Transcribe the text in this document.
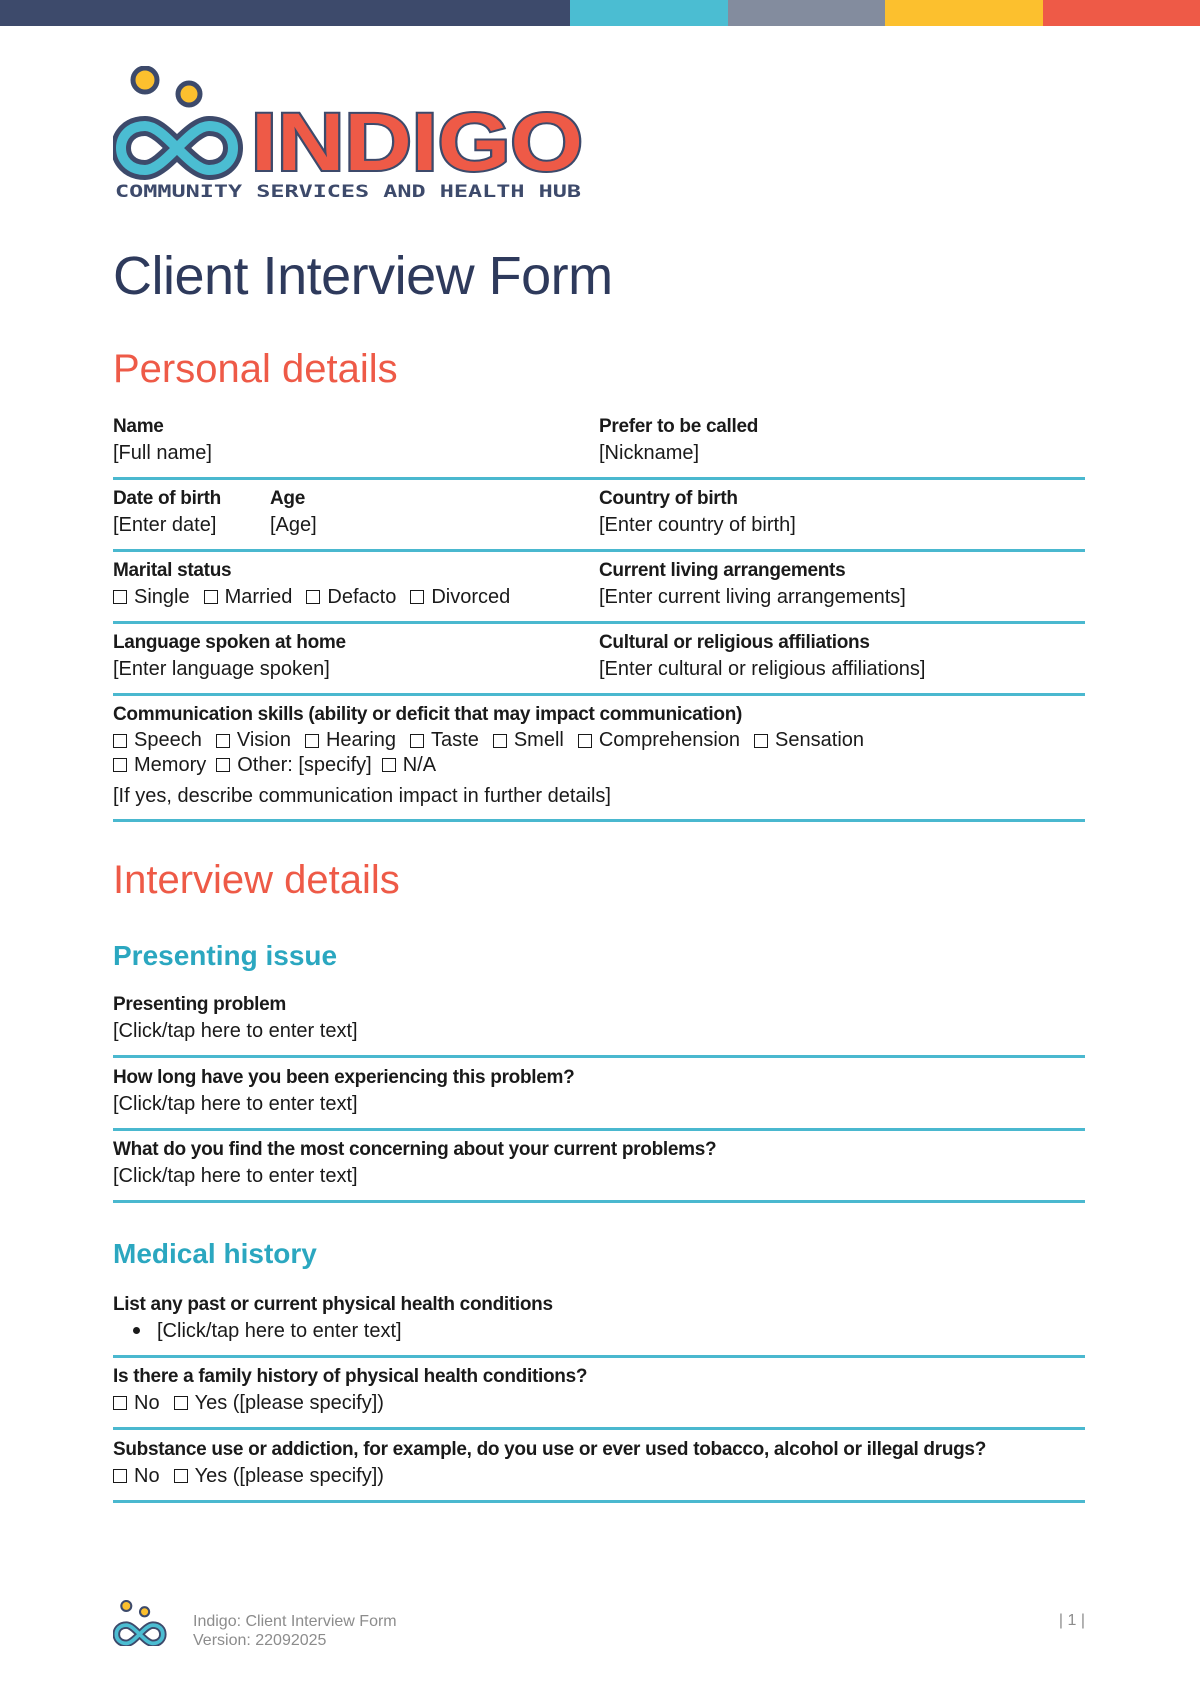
INDIGO
COMMUNITY SERVICES AND HEALTH HUB
Client Interview Form
Personal details
Name
[Full name]
Prefer to be called
[Nickname]
Date of birth
[Enter date]
Age
[Age]
Country of birth
[Enter country of birth]
Marital status
Single Married Defacto Divorced
Current living arrangements
[Enter current living arrangements]
Language spoken at home
[Enter language spoken]
Cultural or religious affiliations
[Enter cultural or religious affiliations]
Communication skills (ability or deficit that may impact communication)
Speech Vision Hearing Taste Smell Comprehension Sensation
Memory Other: [specify] N/A
[If yes, describe communication impact in further details]
Interview details
Presenting issue
Presenting problem
[Click/tap here to enter text]
How long have you been experiencing this problem?
[Click/tap here to enter text]
What do you find the most concerning about your current problems?
[Click/tap here to enter text]
Medical history
List any past or current physical health conditions
[Click/tap here to enter text]
Is there a family history of physical health conditions?
No Yes ([please specify])
Substance use or addiction, for example, do you use or ever used tobacco, alcohol or illegal drugs?
No Yes ([please specify])
Indigo: Client Interview Form
Version: 22092025
| 1 |
